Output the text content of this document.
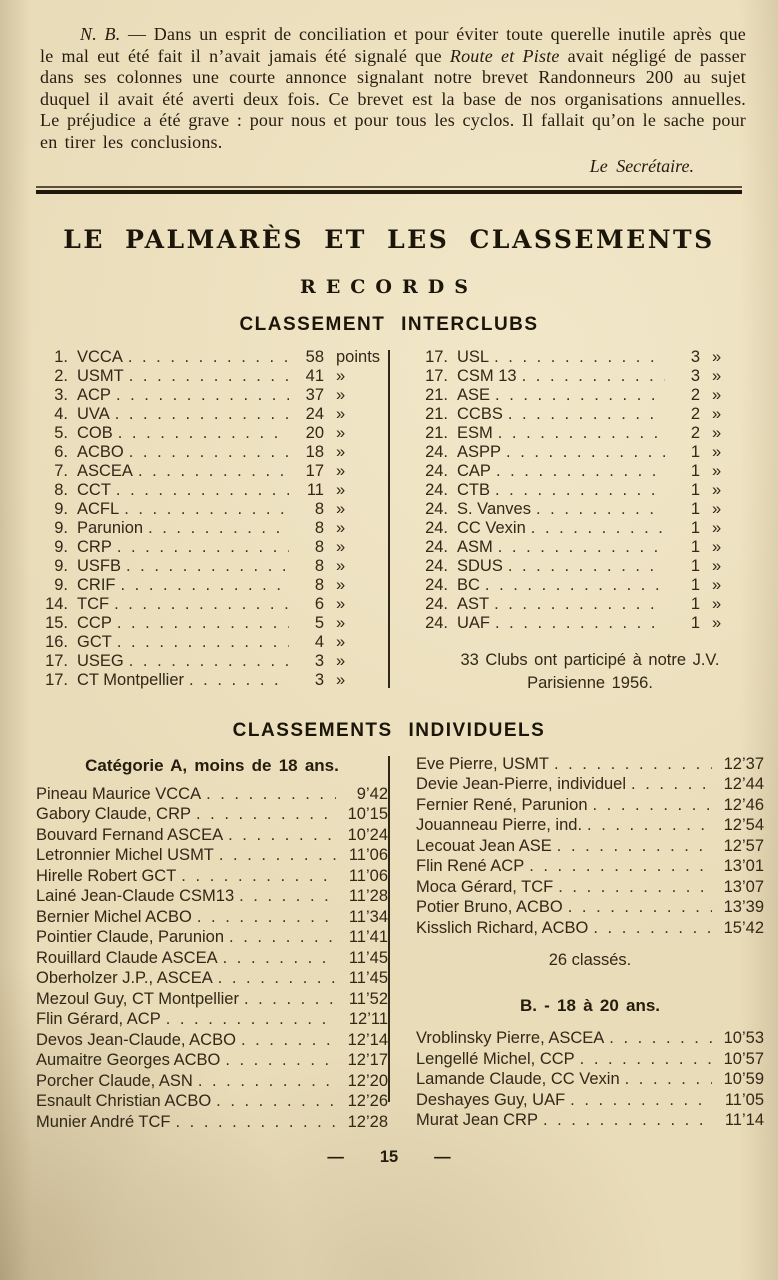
N. B. — Dans un esprit de conciliation et pour éviter toute querelle inutile après que le mal eut été fait il n’avait jamais été signalé que Route et Piste avait négligé de passer dans ses colonnes une courte annonce signalant notre brevet Randonneurs 200 au sujet duquel il avait été averti deux fois. Ce brevet est la base de nos organisations annuelles. Le préjudice a été grave : pour nous et pour tous les cyclos. Il fallait qu’on le sache pour en tirer les conclusions.

Le Secrétaire.
LE PALMARÈS ET LES CLASSEMENTS
RECORDS
CLASSEMENT INTERCLUBS
1. VCCA . .	58 points
2. USMT . .	41 »
3. ACP . .	37 »
4. UVA . .	24 »
5. COB . .	20 »
6. ACBO . .	18 »
7. ASCEA . .	17 »
8. CCT . .	11 »
9. ACFL . .	8 »
9. Parunion . .	8 »
9. CRP . .	8 »
9. USFB . .	8 »
9. CRIF . .	8 »
14. TCF . .	6 »
15. CCP . .	5 »
16. GCT . .	4 »
17. USEG . .	3 »
17. CT Montpellier . .	3 »
17. USL . .	3 »
17. CSM 13 . .	3 »
21. ASE . .	2 »
21. CCBS . .	2 »
21. ESM . .	2 »
24. ASPP . .	1 »
24. CAP . .	1 »
24. CTB . .	1 »
24. S. Vanves . .	1 »
24. CC Vexin . .	1 »
24. ASM . .	1 »
24. SDUS . .	1 »
24. BC . .	1 »
24. AST . .	1 »
24. UAF . .	1 »
33 Clubs ont participé à notre J.V.
Parisienne 1956.
CLASSEMENTS INDIVIDUELS
Catégorie A, moins de 18 ans.
Pineau Maurice VCCA . .	9’42
Gabory Claude, CRP . .	10’15
Bouvard Fernand ASCEA . .	10’24
Letronnier Michel USMT . .	11’06
Hirelle Robert GCT . .	11’06
Lainé Jean-Claude CSM13 . .	11’28
Bernier Michel ACBO . .	11’34
Pointier Claude, Parunion . .	11’41
Rouillard Claude ASCEA . .	11’45
Oberholzer J.P., ASCEA . .	11’45
Mezoul Guy, CT Montpellier . .	11’52
Flin Gérard, ACP . .	12’11
Devos Jean-Claude, ACBO . .	12’14
Aumaitre Georges ACBO . .	12’17
Porcher Claude, ASN . .	12’20
Esnault Christian ACBO . .	12’26
Munier André TCF . .	12’28
Eve Pierre, USMT . .	12’37
Devie Jean-Pierre, individuel . .	12’44
Fernier René, Parunion . .	12’46
Jouanneau Pierre, ind. . .	12’54
Lecouat Jean ASE . .	12’57
Flin René ACP . .	13’01
Moca Gérard, TCF . .	13’07
Potier Bruno, ACBO . .	13’39
Kisslich Richard, ACBO . .	15’42
26 classés.
B. - 18 à 20 ans.
Vroblinsky Pierre, ASCEA . .	10’53
Lengellé Michel, CCP . .	10’57
Lamande Claude, CC Vexin . .	10’59
Deshayes Guy, UAF . .	11’05
Murat Jean CRP . .	11’14
— 15 —
